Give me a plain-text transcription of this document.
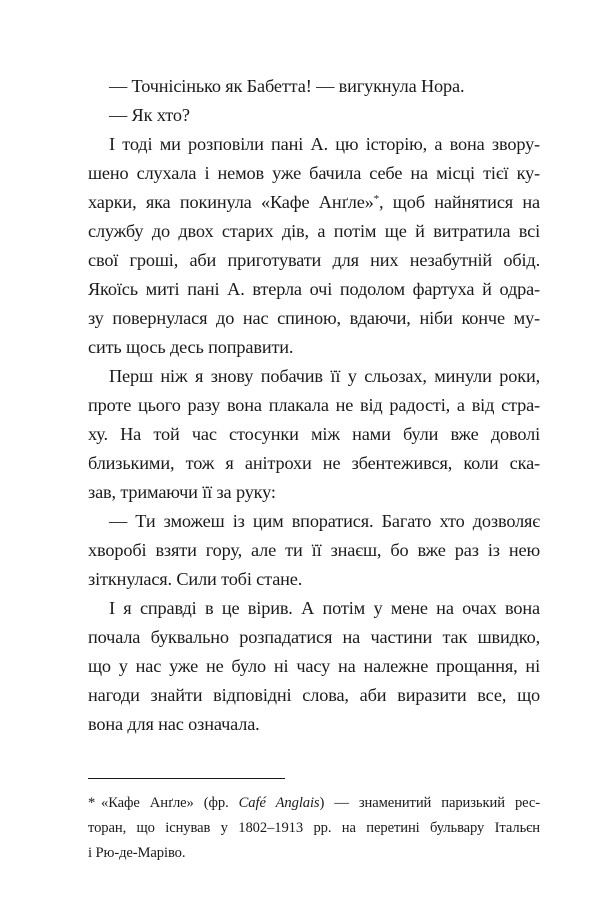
— Точнісінько як Бабетта! — вигукнула Нора.

— Як хто?

І тоді ми розповіли пані А. цю історію, а вона звору-
шено слухала і немов уже бачила себе на місці тієї ку-
харки, яка покинула «Кафе Анґле»*, щоб найнятися на
службу до двох старих дів, а потім ще й витратила всі
свої гроші, аби приготувати для них незабутній обід.
Якоїсь миті пані А. втерла очі подолом фартуха й одра-
зу повернулася до нас спиною, вдаючи, ніби конче му-
сить щось десь поправити.

Перш ніж я знову побачив її у сльозах, минули роки,
проте цього разу вона плакала не від радості, а від стра-
ху. На той час стосунки між нами були вже доволі
близькими, тож я анітрохи не збентежився, коли ска-
зав, тримаючи її за руку:

— Ти зможеш із цим впоратися. Багато хто дозволяє
хворобі взяти гору, але ти її знаєш, бо вже раз із нею
зіткнулася. Сили тобі стане.

І я справді в це вірив. А потім у мене на очах вона
почала буквально розпадатися на частини так швидко,
що у нас уже не було ні часу на належне прощання, ні
нагоди знайти відповідні слова, аби виразити все, що
вона для нас означала.

* «Кафе Анґле» (фр. Café Anglais) — знаменитий паризький рес-
торан, що існував у 1802–1913 рр. на перетині бульвару Італьєн
і Рю-де-Маріво.
